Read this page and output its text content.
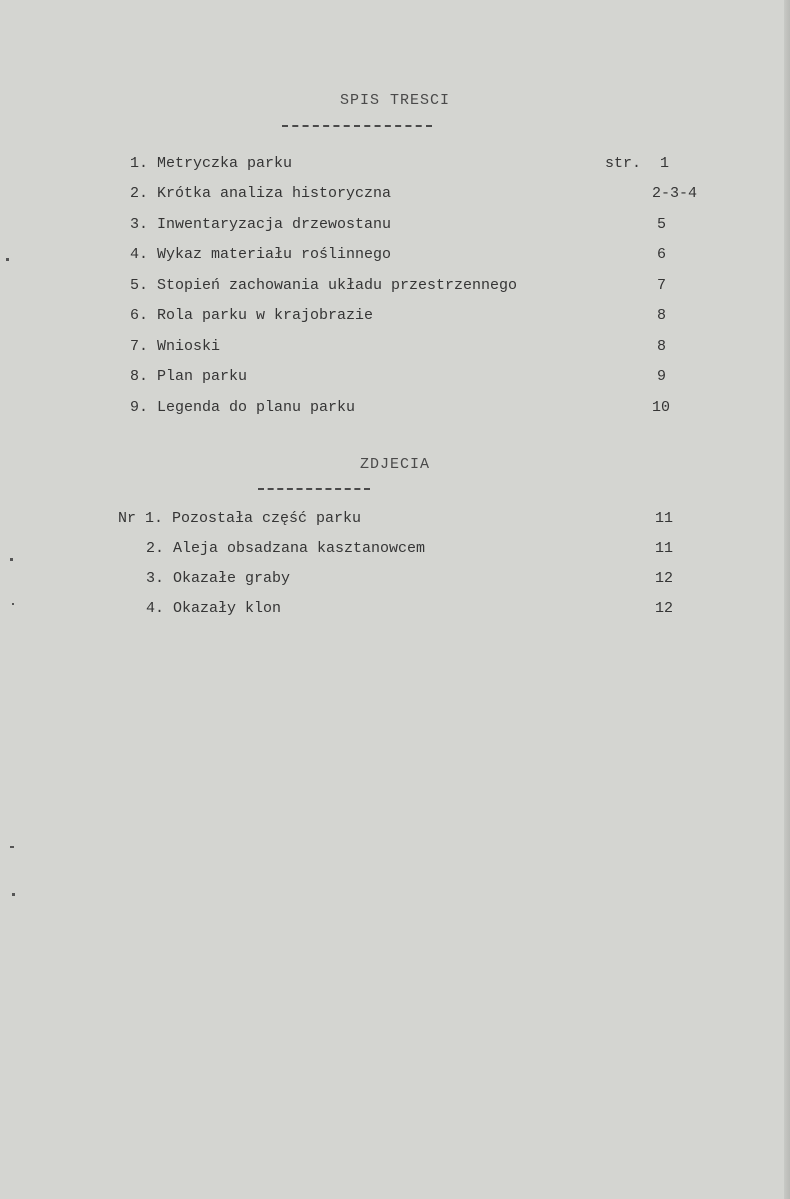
SPIS TRESCI
1. Metryczka parku	str. 1
2. Krótka analiza historyczna	2-3-4
3. Inwentaryzacja drzewostanu	5
4. Wykaz materiału roślinnego	6
5. Stopień zachowania układu przestrzennego	7
6. Rola parku w krajobrazie	8
7. Wnioski	8
8. Plan parku	9
9. Legenda do planu parku	10
ZDJECIA
Nr 1. Pozostała część parku	11
2. Aleja obsadzana kasztanowcem	11
3. Okazałe graby	12
4. Okazały klon	12
